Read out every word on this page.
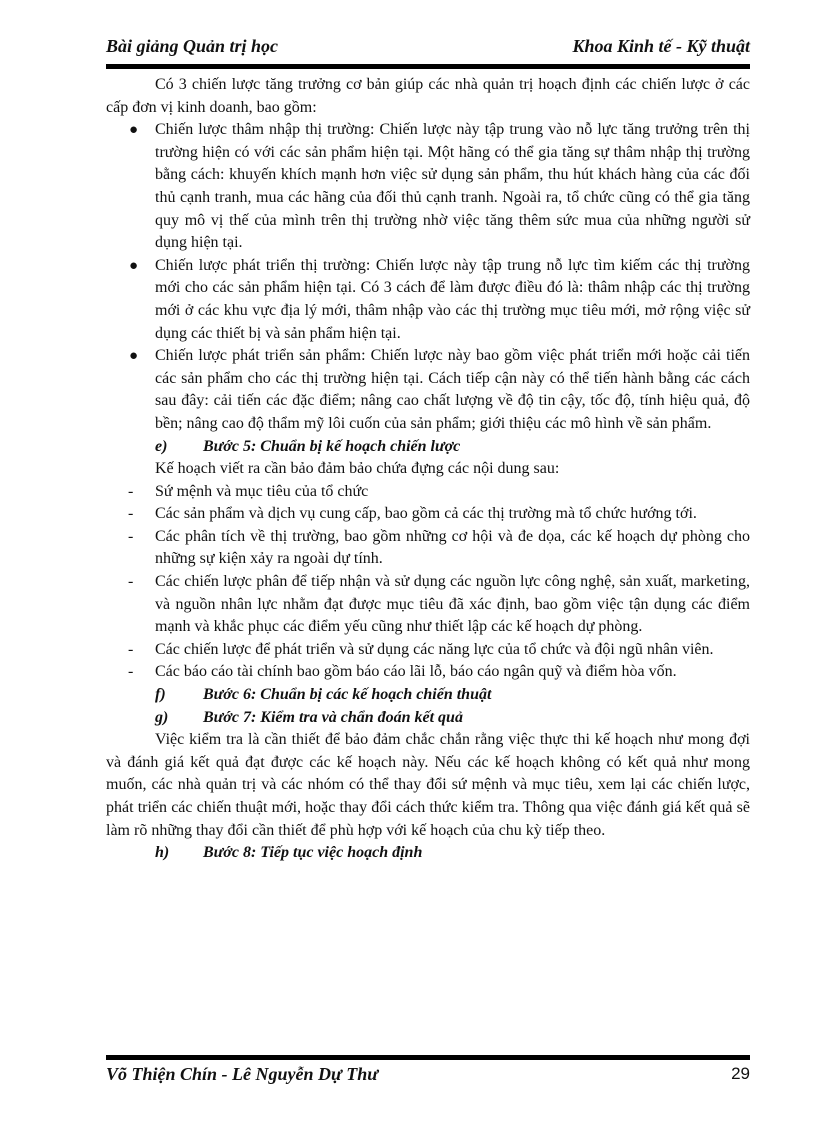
Bài giảng Quản trị học	Khoa Kinh tế - Kỹ thuật

Có 3 chiến lược tăng trưởng cơ bản giúp các nhà quản trị hoạch định các chiến lược ở các cấp đơn vị kinh doanh, bao gồm:

● Chiến lược thâm nhập thị trường: Chiến lược này tập trung vào nỗ lực tăng trưởng trên thị trường hiện có với các sản phẩm hiện tại. Một hãng có thể gia tăng sự thâm nhập thị trường bằng cách: khuyến khích mạnh hơn việc sử dụng sản phẩm, thu hút khách hàng của các đối thủ cạnh tranh, mua các hãng của đối thủ cạnh tranh. Ngoài ra, tổ chức cũng có thể gia tăng quy mô vị thế của mình trên thị trường nhờ việc tăng thêm sức mua của những người sử dụng hiện tại.

● Chiến lược phát triển thị trường: Chiến lược này tập trung nỗ lực tìm kiếm các thị trường mới cho các sản phẩm hiện tại. Có 3 cách để làm được điều đó là: thâm nhập các thị trường mới ở các khu vực địa lý mới, thâm nhập vào các thị trường mục tiêu mới, mở rộng việc sử dụng các thiết bị và sản phẩm hiện tại.

● Chiến lược phát triển sản phẩm: Chiến lược này bao gồm việc phát triển mới hoặc cải tiến các sản phẩm cho các thị trường hiện tại. Cách tiếp cận này có thể tiến hành bằng các cách sau đây: cải tiến các đặc điểm; nâng cao chất lượng về độ tin cậy, tốc độ, tính hiệu quả, độ bền; nâng cao độ thẩm mỹ lôi cuốn của sản phẩm; giới thiệu các mô hình về sản phẩm.

e) Bước 5: Chuẩn bị kế hoạch chiến lược

Kế hoạch viết ra cần bảo đảm bảo chứa đựng các nội dung sau:

- Sứ mệnh và mục tiêu của tổ chức

- Các sản phẩm và dịch vụ cung cấp, bao gồm cả các thị trường mà tổ chức hướng tới.

- Các phân tích về thị trường, bao gồm những cơ hội và đe dọa, các kế hoạch dự phòng cho những sự kiện xảy ra ngoài dự tính.

- Các chiến lược phân để tiếp nhận và sử dụng các nguồn lực công nghệ, sản xuất, marketing, và nguồn nhân lực nhằm đạt được mục tiêu đã xác định, bao gồm việc tận dụng các điểm mạnh và khắc phục các điểm yếu cũng như thiết lập các kế hoạch dự phòng.

- Các chiến lược để phát triển và sử dụng các năng lực của tổ chức và đội ngũ nhân viên.

- Các báo cáo tài chính bao gồm báo cáo lãi lỗ, báo cáo ngân quỹ và điểm hòa vốn.

f) Bước 6: Chuẩn bị các kế hoạch chiến thuật
g) Bước 7: Kiểm tra và chẩn đoán kết quả

Việc kiểm tra là cần thiết để bảo đảm chắc chắn rằng việc thực thi kế hoạch như mong đợi và đánh giá kết quả đạt được các kế hoạch này. Nếu các kế hoạch không có kết quả như mong muốn, các nhà quản trị và các nhóm có thể thay đổi sứ mệnh và mục tiêu, xem lại các chiến lược, phát triển các chiến thuật mới, hoặc thay đổi cách thức kiểm tra. Thông qua việc đánh giá kết quả sẽ làm rõ những thay đổi cần thiết để phù hợp với kế hoạch của chu kỳ tiếp theo.

h) Bước 8: Tiếp tục việc hoạch định
Võ Thiện Chín - Lê Nguyễn Dự Thư	29
